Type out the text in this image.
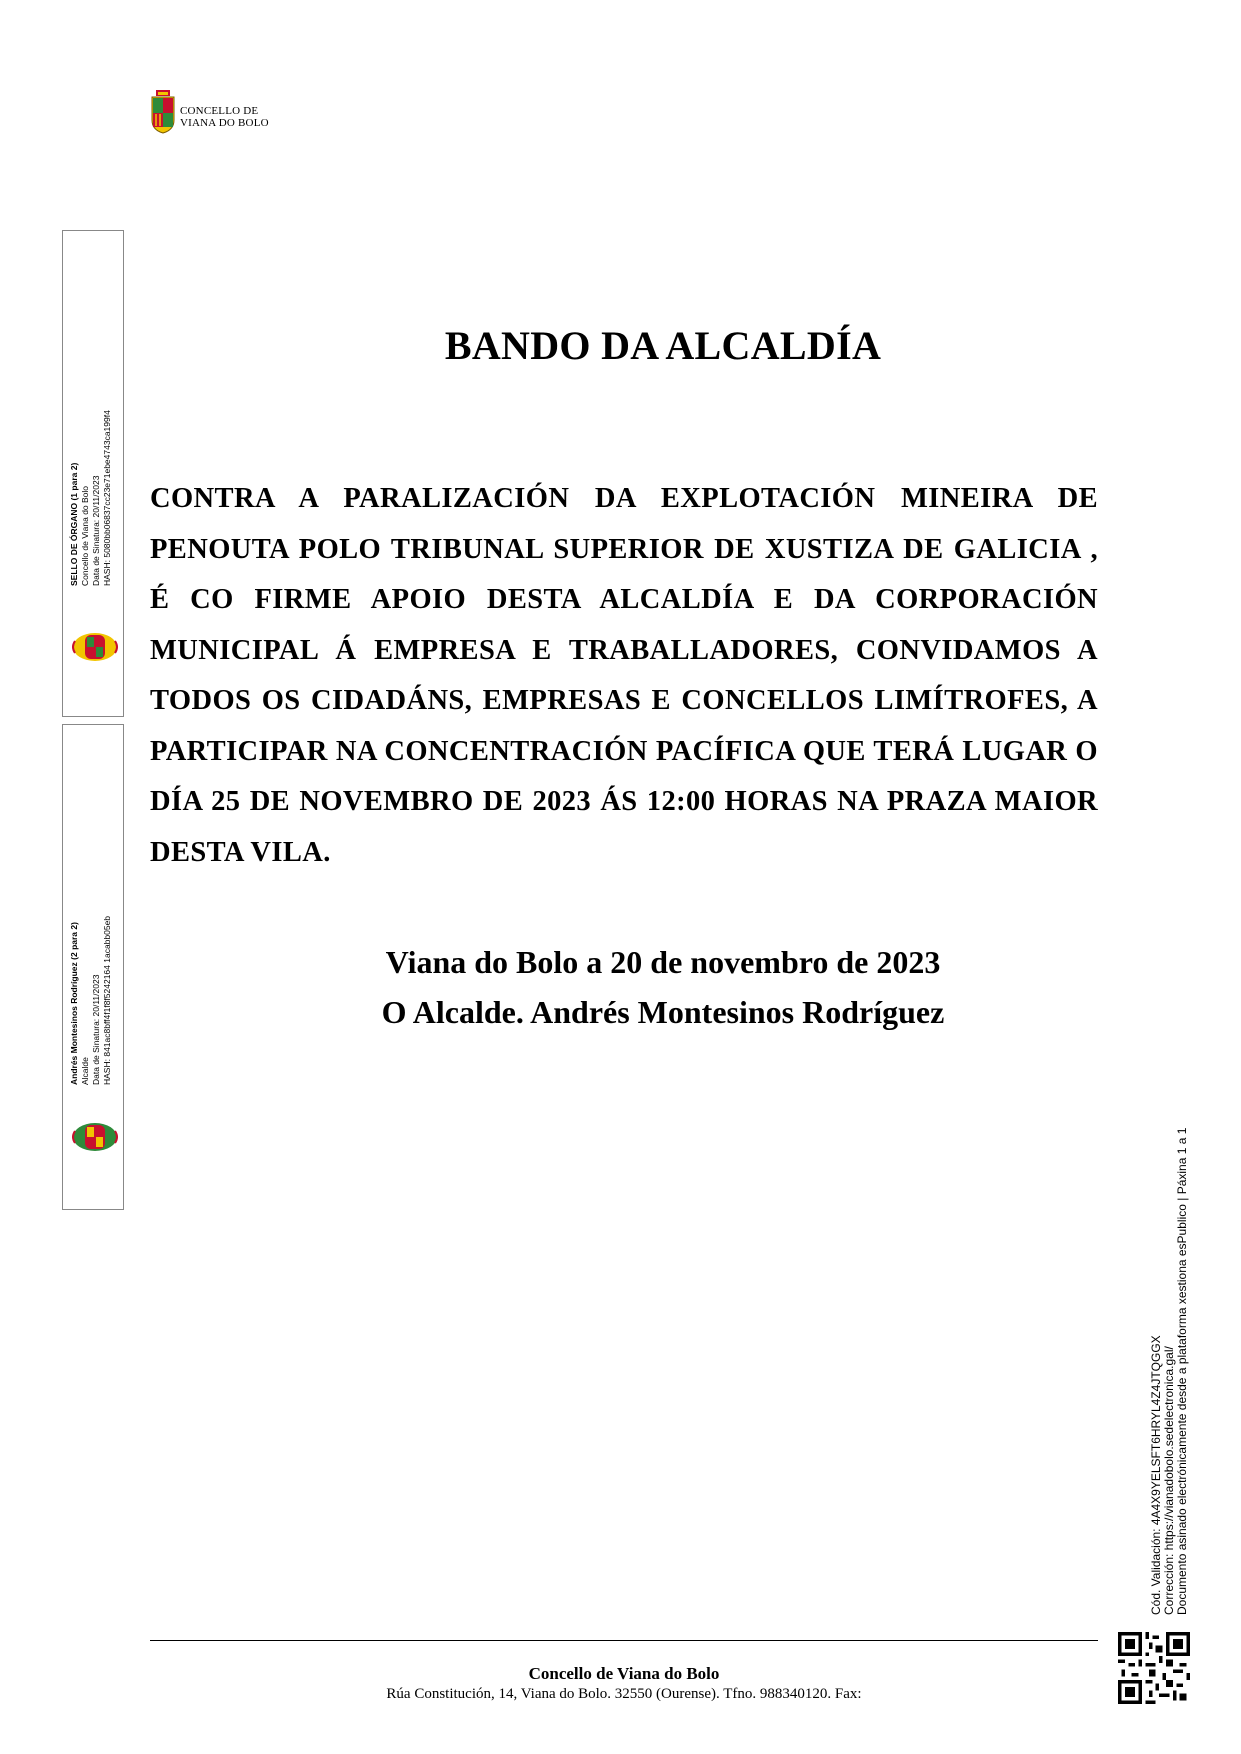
CONCELLO DE
VIANA DO BOLO
SELLO DE ÓRGANO (1 para 2) Concello de Viana do Bolo Data de Sinatura: 20/11/2023 HASH: 5080bb06837cc23e71ebe4743ca199f4
Andrés Montesinos Rodríguez (2 para 2) Alcalde Data de Sinatura: 20/11/2023 HASH: 841ac8bff4f1f8f5242164 1acabb05eb
BANDO DA ALCALDÍA
CONTRA A PARALIZACIÓN DA EXPLOTACIÓN MINEIRA DE PENOUTA POLO TRIBUNAL SUPERIOR DE XUSTIZA DE GALICIA , É CO FIRME APOIO DESTA ALCALDÍA E DA CORPORACIÓN MUNICIPAL Á EMPRESA E TRABALLADORES, CONVIDAMOS A TODOS OS CIDADÁNS, EMPRESAS E CONCELLOS LIMÍTROFES, A PARTICIPAR NA CONCENTRACIÓN PACÍFICA QUE TERÁ LUGAR O DÍA 25 DE NOVEMBRO DE 2023 ÁS 12:00 HORAS NA PRAZA MAIOR DESTA VILA.
Viana do Bolo a 20 de novembro de 2023
O Alcalde. Andrés Montesinos Rodríguez
Concello de Viana do Bolo
Rúa Constitución, 14, Viana do Bolo. 32550 (Ourense). Tfno. 988340120. Fax:
Cód. Validación: 4A4X9YELSFT6HRYL4Z4JTQGGX Corrección: https://vianadobolo.sedelectronica.gal/ Documento asinado electrónicamente desde a plataforma xestiona esPublico | Páxina 1 a 1
